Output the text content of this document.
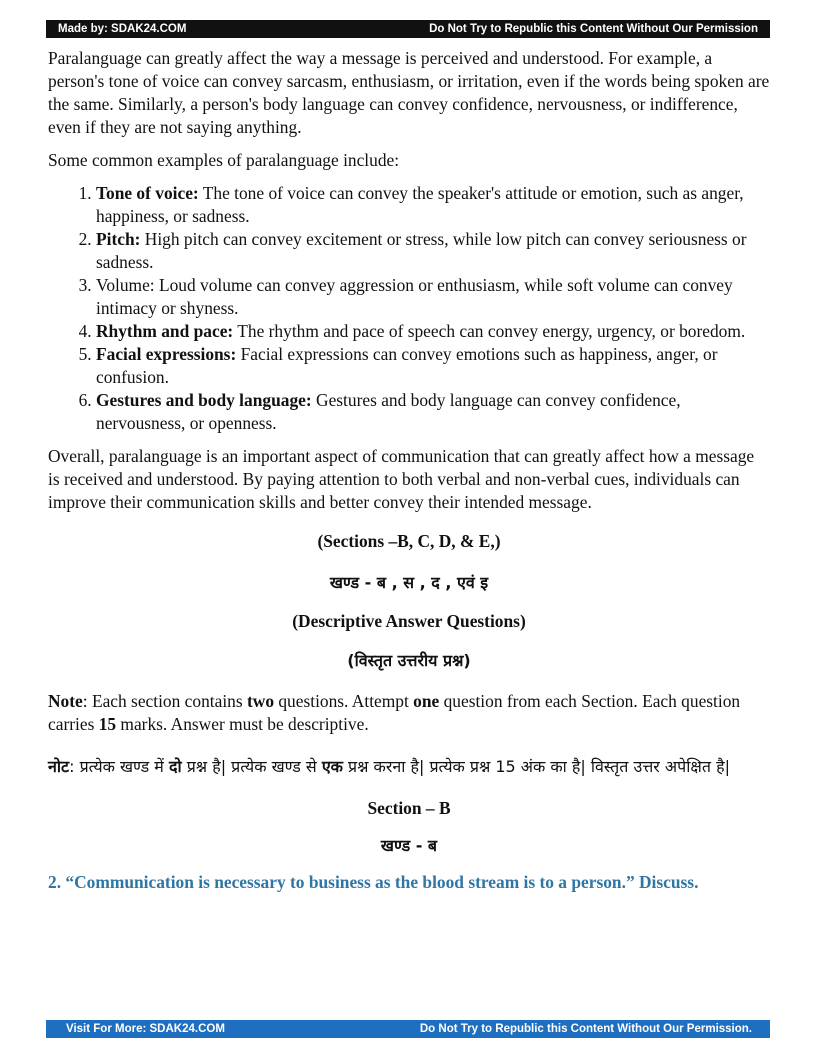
Made by: SDAK24.COM	Do Not Try to Republic this Content Without Our Permission

Paralanguage can greatly affect the way a message is perceived and understood. For example, a person's tone of voice can convey sarcasm, enthusiasm, or irritation, even if the words being spoken are the same. Similarly, a person's body language can convey confidence, nervousness, or indifference, even if they are not saying anything.

Some common examples of paralanguage include:

1. Tone of voice: The tone of voice can convey the speaker's attitude or emotion, such as anger, happiness, or sadness.
2. Pitch: High pitch can convey excitement or stress, while low pitch can convey seriousness or sadness.
3. Volume: Loud volume can convey aggression or enthusiasm, while soft volume can convey intimacy or shyness.
4. Rhythm and pace: The rhythm and pace of speech can convey energy, urgency, or boredom.
5. Facial expressions: Facial expressions can convey emotions such as happiness, anger, or confusion.
6. Gestures and body language: Gestures and body language can convey confidence, nervousness, or openness.

Overall, paralanguage is an important aspect of communication that can greatly affect how a message is received and understood. By paying attention to both verbal and non-verbal cues, individuals can improve their communication skills and better convey their intended message.

(Sections –B, C, D, & E,)

खण्ड - ब , स , द , एवं इ

(Descriptive Answer Questions)

(विस्तृत उत्तरीय प्रश्न)

Note: Each section contains two questions. Attempt one question from each Section. Each question carries 15 marks. Answer must be descriptive.

नोट: प्रत्येक खण्ड में दो प्रश्न है| प्रत्येक खण्ड से एक प्रश्न करना है| प्रत्येक प्रश्न 15 अंक का है| विस्तृत उत्तर अपेक्षित है|

Section – B

खण्ड - ब

2. “Communication is necessary to business as the blood stream is to a person.” Discuss.

Visit For More: SDAK24.COM	Do Not Try to Republic this Content Without Our Permission.
